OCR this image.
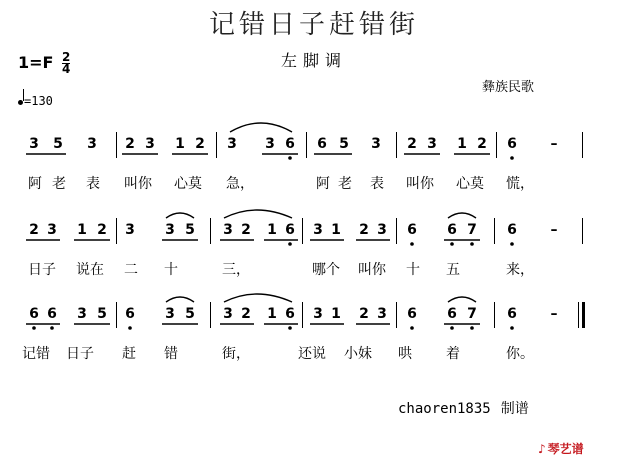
记错日子赶错街
左脚调
$1=F \frac{2}{4}$
=130
彝族民歌
3 5 3 2 3 1 2 3 3 6 6 5 3 2 3 1 2 6 –
阿 老 表 叫你 心莫 急，	阿 老 表 叫你 心莫 慌，
2 3 1 2 3 3 5 3 2 1 6 3 1 2 3 6 6 7 6 –
日子 说在 二 十	三，	哪个 叫你 十 五	来，
6 6 3 5 6 3 5 3 2 1 6 3 1 2 3 6 6 7 6 –
记错 日子 赶 错	街，	还说 小妹 哄 着	你。
chaoren1835 制谱
♪ 琴艺谱
